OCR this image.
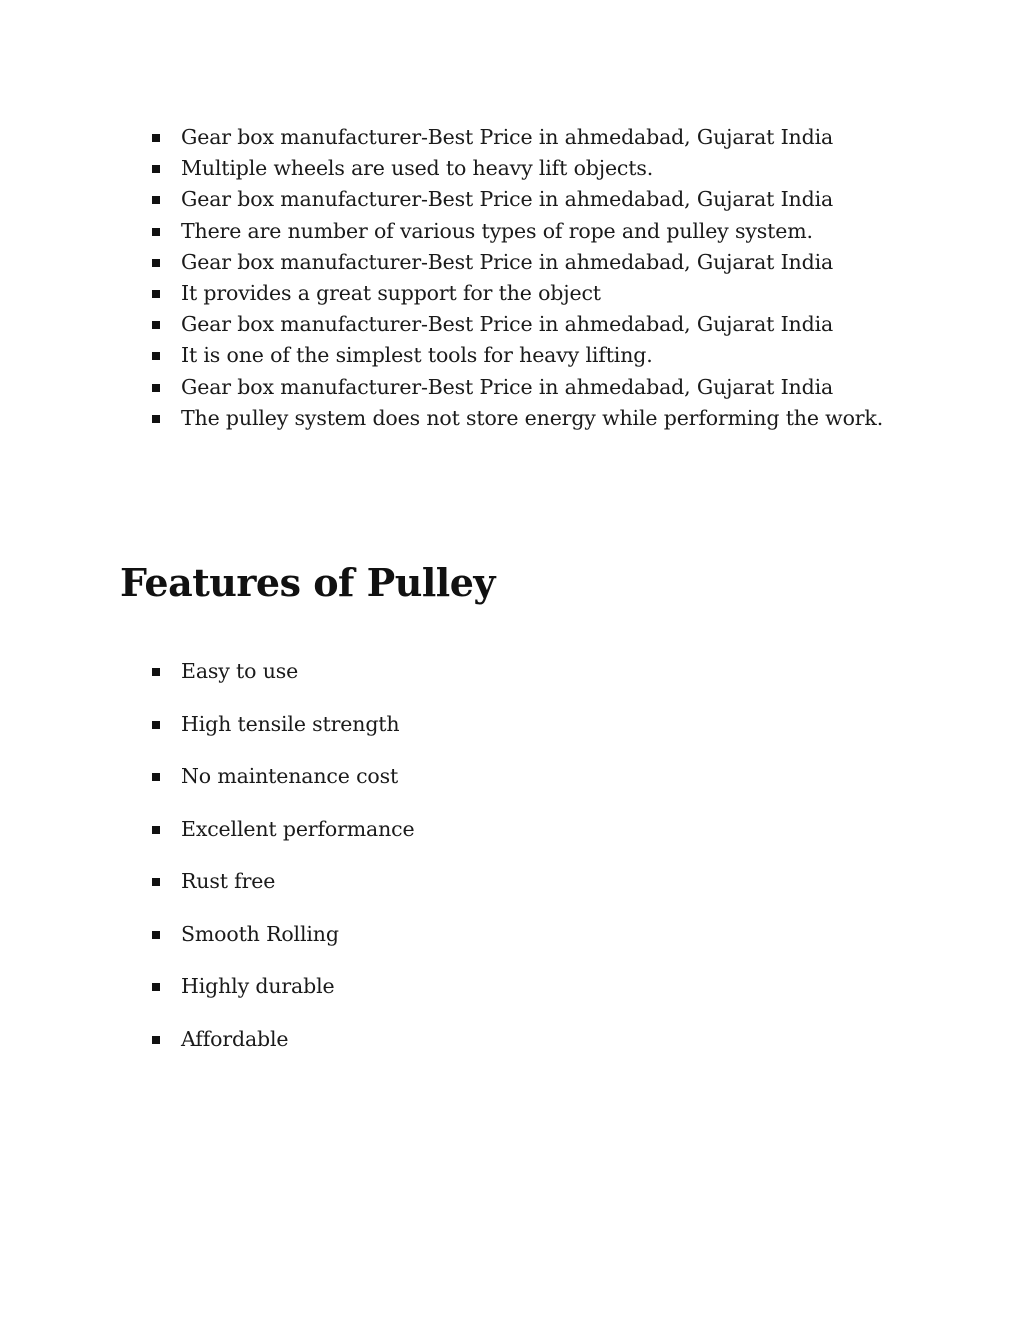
Gear box manufacturer-Best Price in ahmedabad, Gujarat India
Multiple wheels are used to heavy lift objects.
Gear box manufacturer-Best Price in ahmedabad, Gujarat India
There are number of various types of rope and pulley system.
Gear box manufacturer-Best Price in ahmedabad, Gujarat India
It provides a great support for the object
Gear box manufacturer-Best Price in ahmedabad, Gujarat India
It is one of the simplest tools for heavy lifting.
Gear box manufacturer-Best Price in ahmedabad, Gujarat India
The pulley system does not store energy while performing the work.
Features of Pulley
Easy to use
High tensile strength
No maintenance cost
Excellent performance
Rust free
Smooth Rolling
Highly durable
Affordable
